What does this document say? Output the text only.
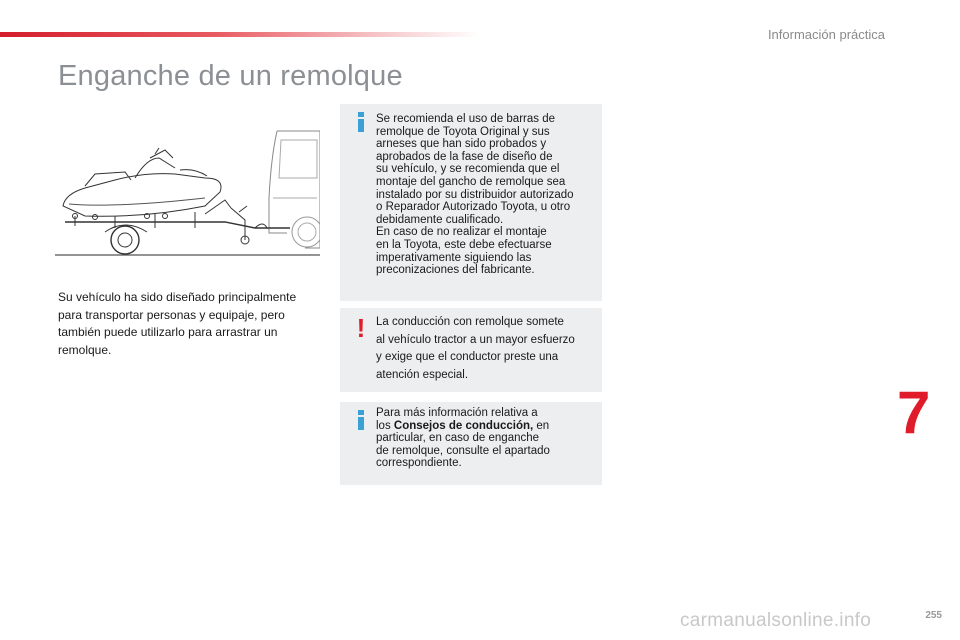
Información práctica
Enganche de un remolque

Su vehículo ha sido diseñado principalmente para transportar personas y equipaje, pero también puede utilizarlo para arrastrar un remolque.

Se recomienda el uso de barras de
remolque de Toyota Original y sus
arneses que han sido probados y
aprobados de la fase de diseño de
su vehículo, y se recomienda que el
montaje del gancho de remolque sea
instalado por su distribuidor autorizado
o Reparador Autorizado Toyota, u otro
debidamente cualificado.
En caso de no realizar el montaje
en la Toyota, este debe efectuarse
imperativamente siguiendo las
preconizaciones del fabricante.
! La conducción con remolque somete
al vehículo tractor a un mayor esfuerzo
y exige que el conductor preste una
atención especial.
Para más información relativa a
los Consejos de conducción, en
particular, en caso de enganche
de remolque, consulte el apartado
correspondiente.
7
255
carmanualsonline.info
